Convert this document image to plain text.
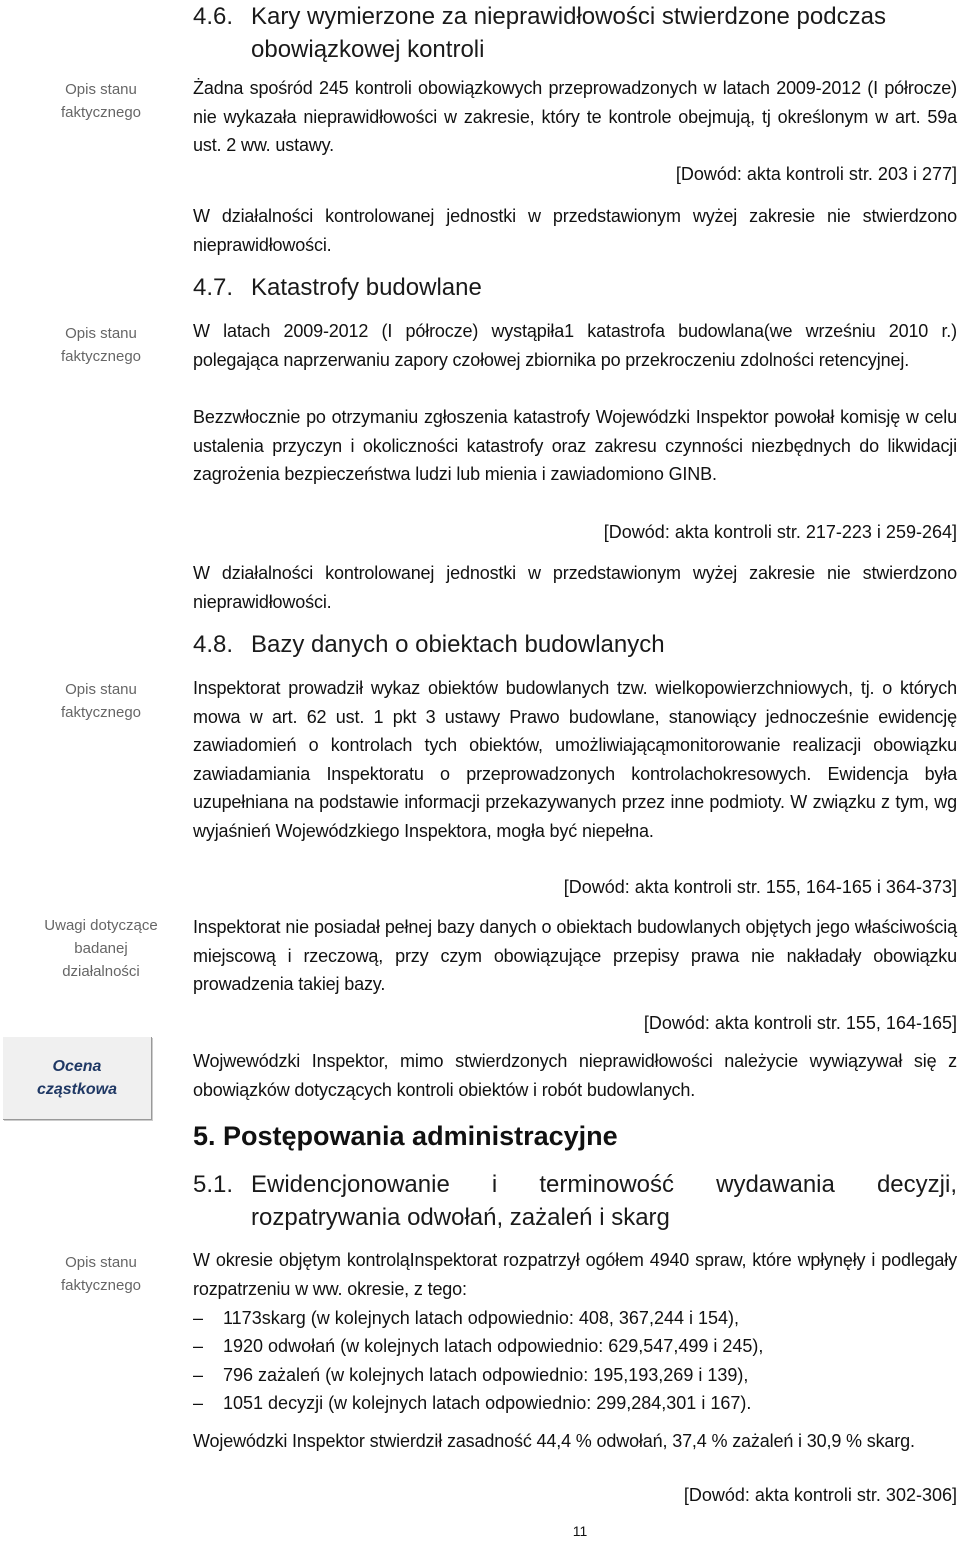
Opis stanu
faktycznego
Opis stanu
faktycznego
Opis stanu
faktycznego
Uwagi dotyczące
badanej
działalności
Ocena
cząstkowa
Opis stanu
faktycznego
4.6. Kary wymierzone za nieprawidłowości stwierdzone podczas
obowiązkowej kontroli
Żadna spośród 245 kontroli obowiązkowych przeprowadzonych w latach 2009-2012 (I półrocze) nie wykazała nieprawidłowości w zakresie, który te kontrole obejmują, tj określonym w art. 59a ust. 2 ww. ustawy.
[Dowód: akta kontroli str. 203 i 277]
W działalności kontrolowanej jednostki w przedstawionym wyżej zakresie nie stwierdzono nieprawidłowości.
4.7. Katastrofy budowlane
W latach 2009-2012 (I półrocze) wystąpiła1 katastrofa budowlana(we wrześniu 2010 r.) polegająca naprzerwaniu zapory czołowej zbiornika po przekroczeniu zdolności retencyjnej.
Bezzwłocznie po otrzymaniu zgłoszenia katastrofy Wojewódzki Inspektor powołał komisję w celu ustalenia przyczyn i okoliczności katastrofy oraz zakresu czynności niezbędnych do likwidacji zagrożenia bezpieczeństwa ludzi lub mienia i zawiadomiono GINB.
[Dowód: akta kontroli str. 217-223 i 259-264]
W działalności kontrolowanej jednostki w przedstawionym wyżej zakresie nie stwierdzono nieprawidłowości.
4.8. Bazy danych o obiektach budowlanych
Inspektorat prowadził wykaz obiektów budowlanych tzw. wielkopowierzchniowych, tj. o których mowa w art. 62 ust. 1 pkt 3 ustawy Prawo budowlane, stanowiący jednocześnie ewidencję zawiadomień o kontrolach tych obiektów, umożliwiającąmonitorowanie realizacji obowiązku zawiadamiania Inspektoratu o przeprowadzonych kontrolachokresowych. Ewidencja była uzupełniana na podstawie informacji przekazywanych przez inne podmioty. W związku z tym, wg wyjaśnień Wojewódzkiego Inspektora, mogła być niepełna.
[Dowód: akta kontroli str. 155, 164-165 i 364-373]
Inspektorat nie posiadał pełnej bazy danych o obiektach budowlanych objętych jego właściwością miejscową i rzeczową, przy czym obowiązujące przepisy prawa nie nakładały obowiązku prowadzenia takiej bazy.
[Dowód: akta kontroli str. 155, 164-165]
Wojwewódzki Inspektor, mimo stwierdzonych nieprawidłowości należycie wywiązywał się z obowiązków dotyczących kontroli obiektów i robót budowlanych.
5. Postępowania administracyjne
5.1. Ewidencjonowanie i terminowość wydawania decyzji,
rozpatrywania odwołań, zażaleń i skarg
W okresie objętym kontroląInspektorat rozpatrzył ogółem 4940 spraw, które wpłynęły i podlegały rozpatrzeniu w ww. okresie, z tego:
– 1173skarg (w kolejnych latach odpowiednio: 408, 367,244 i 154),
– 1920 odwołań (w kolejnych latach odpowiednio: 629,547,499 i 245),
– 796 zażaleń (w kolejnych latach odpowiednio: 195,193,269 i 139),
– 1051 decyzji (w kolejnych latach odpowiednio: 299,284,301 i 167).
Wojewódzki Inspektor stwierdził zasadność 44,4 % odwołań, 37,4 % zażaleń i 30,9 % skarg.
[Dowód: akta kontroli str. 302-306]
11
